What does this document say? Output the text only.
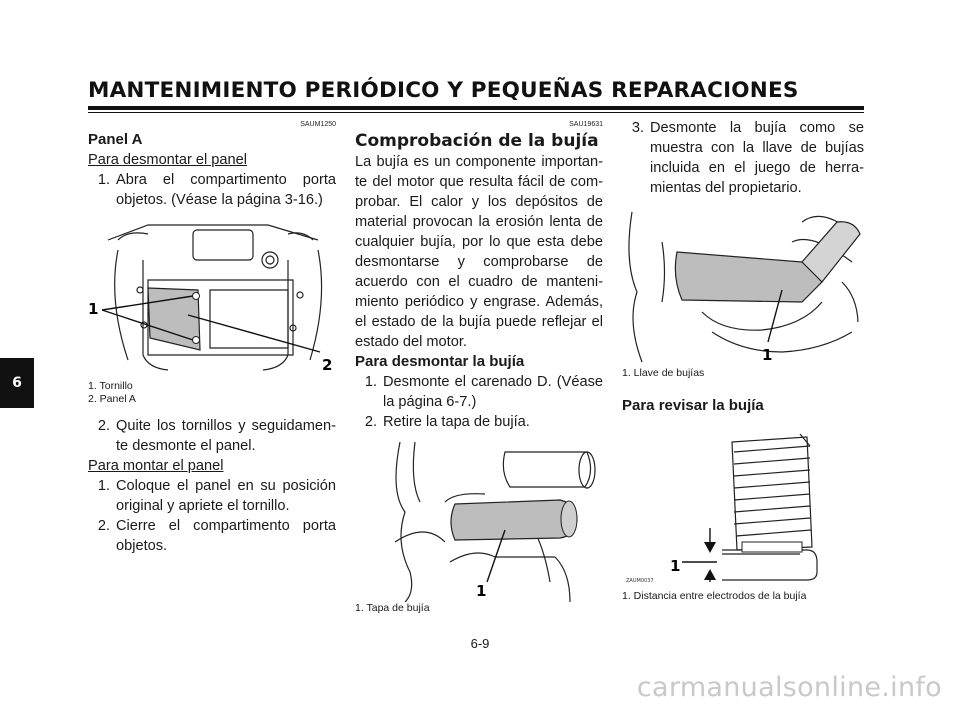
MANTENIMIENTO PERIÓDICO Y PEQUEÑAS REPARACIONES
6
SAUM1250

Panel A

Para desmontar el panel

1. Abra el compartimento porta objetos. (Véase la página 3-16.)
1
2

1. Tornillo

2. Panel A

2. Quite los tornillos y seguidamen- te desmonte el panel.

Para montar el panel

1. Coloque el panel en su posición original y apriete el tornillo.
2. Cierre el compartimento porta objetos.
SAU19631

Comprobación de la bujía

La bujía es un componente importan- te del motor que resulta fácil de com- probar. El calor y los depósitos de material provocan la erosión lenta de cualquier bujía, por lo que esta debe desmontarse y comprobarse de acuerdo con el cuadro de manteni- miento periódico y engrase. Además, el estado de la bujía puede reflejar el estado del motor.

Para desmontar la bujía

1. Desmonte el carenado D. (Véase la página 6-7.)
2. Retire la tapa de bujía.
1

1. Tapa de bujía

3. Desmonte la bujía como se muestra con la llave de bujías incluida en el juego de herra- mientas del propietario.
1

1. Llave de bujías

Para revisar la bujía

1
ZAUM0037

1. Distancia entre electrodos de la bujía

6-9
carmanualsonline.info
